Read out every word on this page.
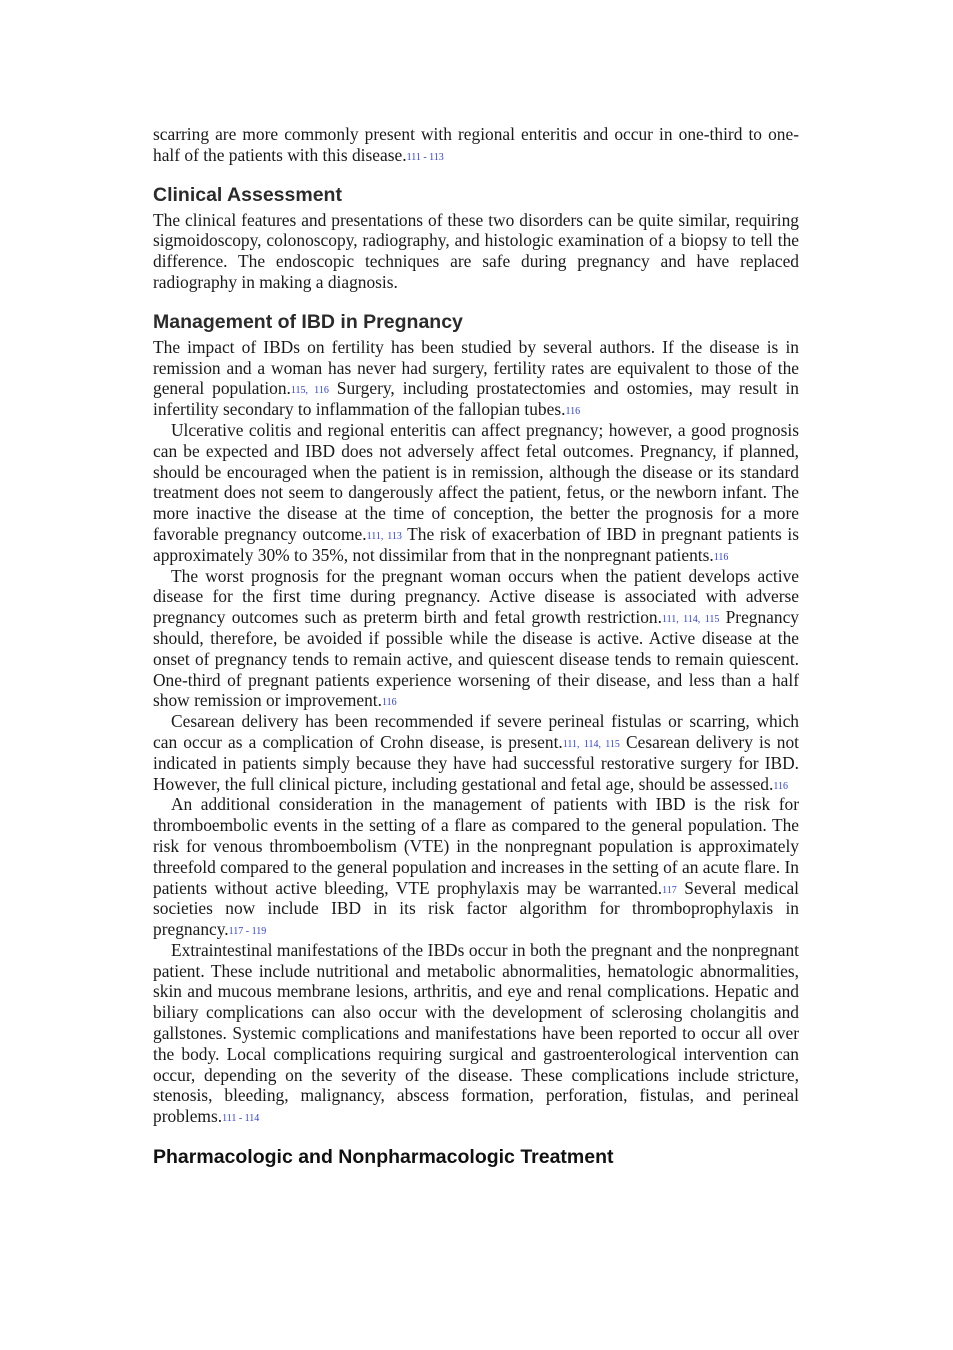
scarring are more commonly present with regional enteritis and occur in one-third to one-half of the patients with this disease.111 - 113

Clinical Assessment

The clinical features and presentations of these two disorders can be quite similar, requiring sigmoidoscopy, colonoscopy, radiography, and histologic examination of a biopsy to tell the difference. The endoscopic techniques are safe during pregnancy and have replaced radiography in making a diagnosis.

Management of IBD in Pregnancy

The impact of IBDs on fertility has been studied by several authors. If the disease is in remission and a woman has never had surgery, fertility rates are equivalent to those of the general population.115, 116 Surgery, including prostatectomies and ostomies, may result in infertility secondary to inflammation of the fallopian tubes.116

Ulcerative colitis and regional enteritis can affect pregnancy; however, a good prognosis can be expected and IBD does not adversely affect fetal outcomes. Pregnancy, if planned, should be encouraged when the patient is in remission, although the disease or its standard treatment does not seem to dangerously affect the patient, fetus, or the newborn infant. The more inactive the disease at the time of conception, the better the prognosis for a more favorable pregnancy outcome.111, 113 The risk of exacerbation of IBD in pregnant patients is approximately 30% to 35%, not dissimilar from that in the nonpregnant patients.116

The worst prognosis for the pregnant woman occurs when the patient develops active disease for the first time during pregnancy. Active disease is associated with adverse pregnancy outcomes such as preterm birth and fetal growth restriction.111, 114, 115 Pregnancy should, therefore, be avoided if possible while the disease is active. Active disease at the onset of pregnancy tends to remain active, and quiescent disease tends to remain quiescent. One-third of pregnant patients experience worsening of their disease, and less than a half show remission or improvement.116

Cesarean delivery has been recommended if severe perineal fistulas or scarring, which can occur as a complication of Crohn disease, is present.111, 114, 115 Cesarean delivery is not indicated in patients simply because they have had successful restorative surgery for IBD. However, the full clinical picture, including gestational and fetal age, should be assessed.116

An additional consideration in the management of patients with IBD is the risk for thromboembolic events in the setting of a flare as compared to the general population. The risk for venous thromboembolism (VTE) in the nonpregnant population is approximately threefold compared to the general population and increases in the setting of an acute flare. In patients without active bleeding, VTE prophylaxis may be warranted.117 Several medical societies now include IBD in its risk factor algorithm for thromboprophylaxis in pregnancy.117 - 119

Extraintestinal manifestations of the IBDs occur in both the pregnant and the nonpregnant patient. These include nutritional and metabolic abnormalities, hematologic abnormalities, skin and mucous membrane lesions, arthritis, and eye and renal complications. Hepatic and biliary complications can also occur with the development of sclerosing cholangitis and gallstones. Systemic complications and manifestations have been reported to occur all over the body. Local complications requiring surgical and gastroenterological intervention can occur, depending on the severity of the disease. These complications include stricture, stenosis, bleeding, malignancy, abscess formation, perforation, fistulas, and perineal problems.111 - 114

Pharmacologic and Nonpharmacologic Treatment
